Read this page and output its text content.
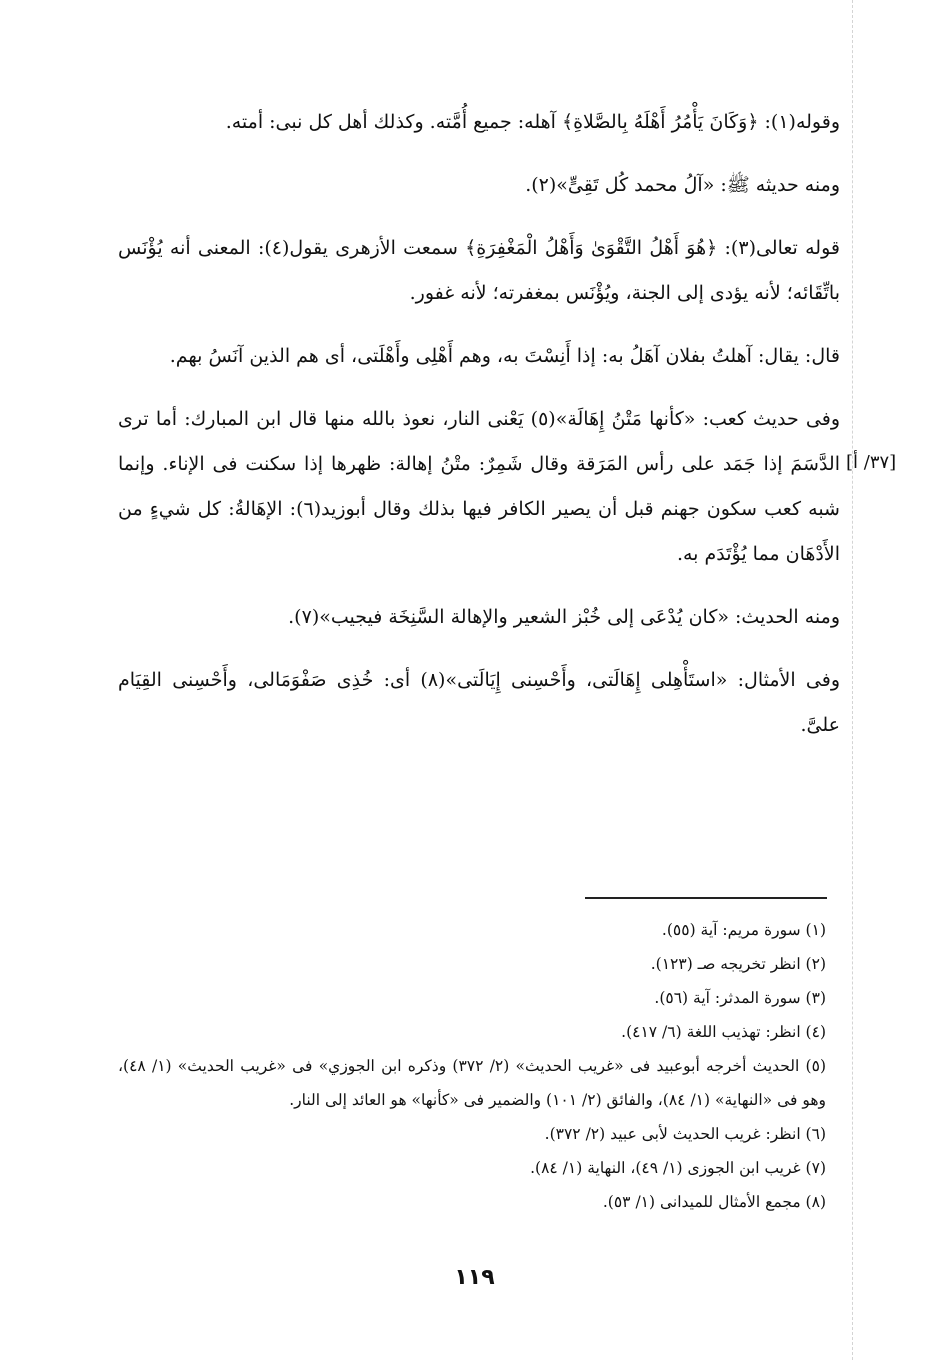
وقوله(١): ﴿وَكَانَ يَأْمُرُ أَهْلَهُ بِالصَّلاةِ﴾ آهله: جميع أُمَّته. وكذلك أهل كل نبى: أمته.

ومنه حديثه ﷺ: «آلُ محمد كُل تَقِىٍّ»(٢).

قوله تعالى(٣): ﴿هُوَ أَهْلُ التَّقْوَىٰ وَأَهْلُ الْمَغْفِرَةِ﴾ سمعت الأزهرى يقول(٤): المعنى أنه يُؤْنَس باتِّقَائه؛ لأنه يؤدى إلى الجنة، ويُؤْنَس بمغفرته؛ لأنه غفور.

قال: يقال: آهلتُ بفلان آهَلُ به: إذا أَنِسْتَ به، وهم أَهْلِى وأَهْلَتى، أى هم الذين آنَسُ بهم.

وفى حديث كعب: «كأنها مَتْنُ إِهَالَة»(٥) يَعْنى النار، نعوذ بالله منها قال ابن المبارك: أما ترى الدَّسَمَ إذا جَمَد على رأس المَرَقة وقال شَمِرٌ: متْنُ إهالة: ظهرها إذا سكنت فى الإناء. وإنما شبه كعب سكون جهنم قبل أن يصير الكافر فيها بذلك وقال أبوزيد(٦): الإهَالةُ: كل شيءٍ من الأَدْهَان مما يُؤْتَدَم به.

ومنه الحديث: «كان يُدْعَى إلى خُبْز الشعير والإهالة السَّنِخَة فيجيب»(٧).

وفى الأمثال: «استَأْهِلى إِهَالَتى، وأَحْسِنى إِيَالَتى»(٨) أى: خُذِى صَفْوَمَالى، وأَحْسِنى القِيَام علىَّ.

[٣٧/ أ]

(١) سورة مريم: آية (٥٥).

(٢) انظر تخريجه صـ (١٢٣).

(٣) سورة المدثر: آية (٥٦).

(٤) انظر: تهذيب اللغة (٦/ ٤١٧).

(٥) الحديث أخرجه أبوعبيد فى «غريب الحديث» (٢/ ٣٧٢) وذكره ابن الجوزي» فى «غريب الحديث» (١/ ٤٨)، وهو فى «النهاية» (١/ ٨٤)، والفائق (٢/ ١٠١) والضمير فى «كأنها» هو العائد إلى النار.

(٦) انظر: غريب الحديث لأبى عبيد (٢/ ٣٧٢).

(٧) غريب ابن الجوزى (١/ ٤٩)، النهاية (١/ ٨٤).

(٨) مجمع الأمثال للميدانى (١/ ٥٣).

١١٩
